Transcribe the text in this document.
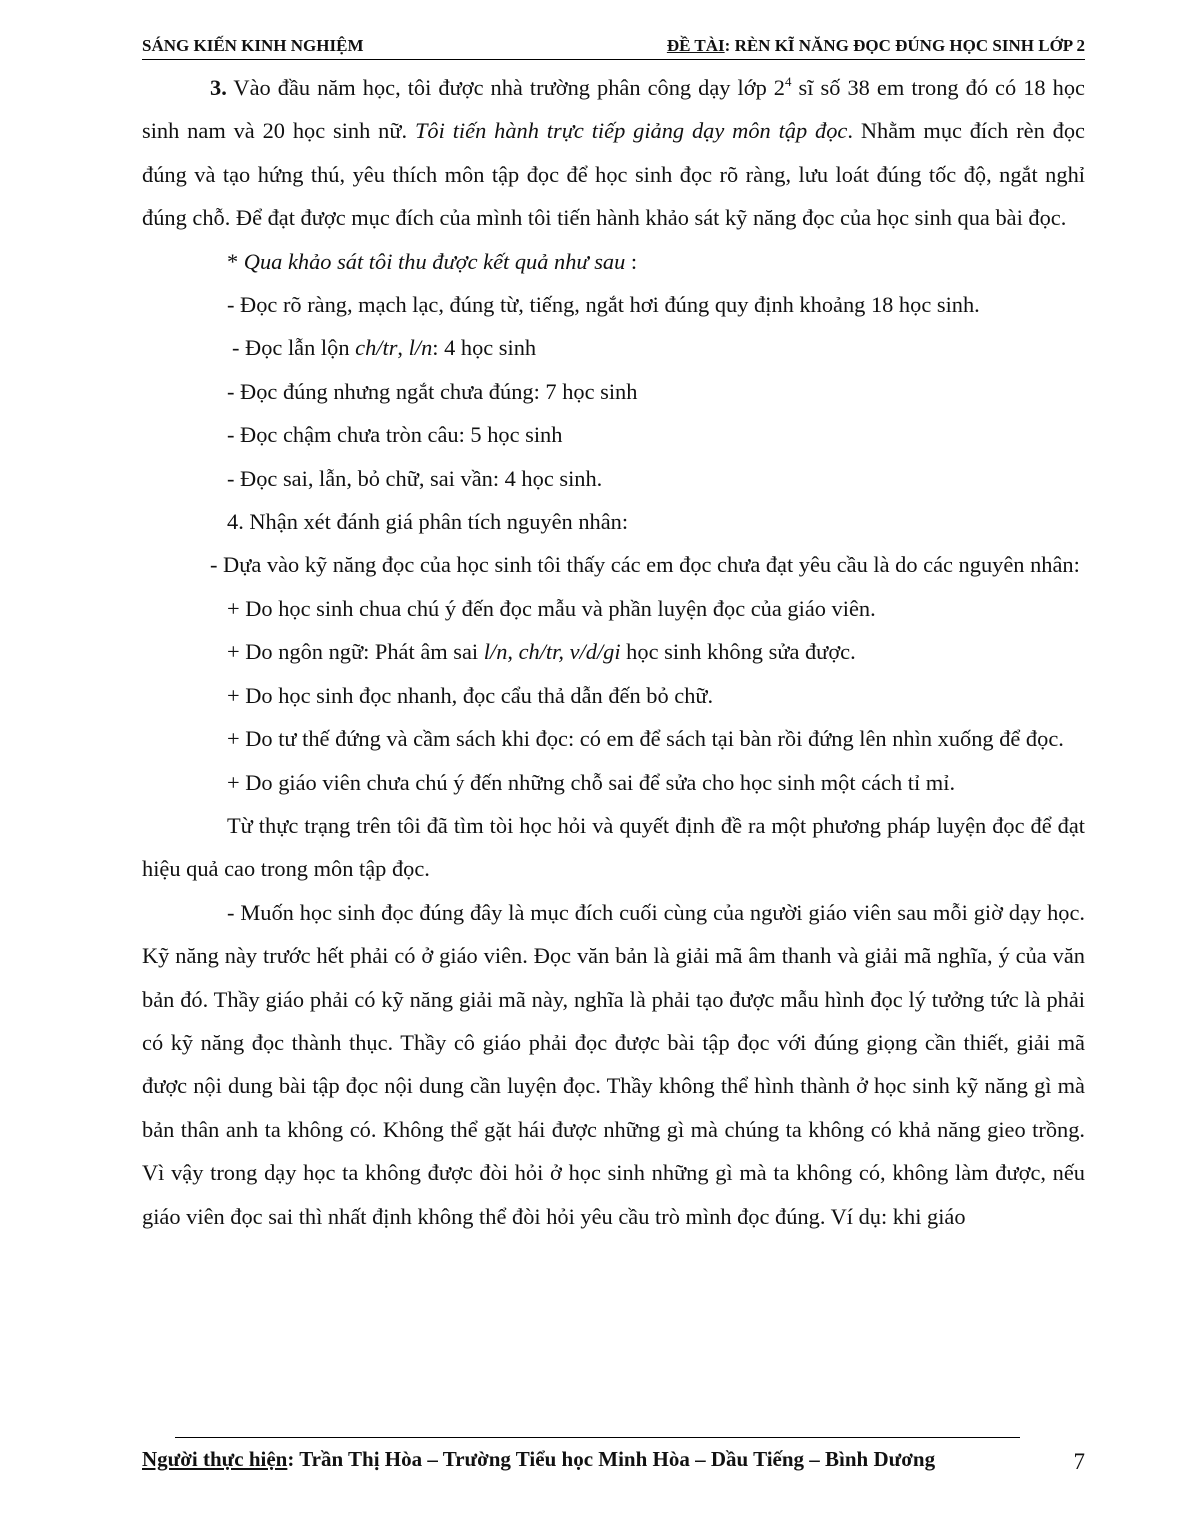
SÁNG KIẾN KINH NGHIỆM	ĐỀ TÀI: RÈN KĨ NĂNG ĐỌC ĐÚNG HỌC SINH LỚP 2

3. Vào đầu năm học, tôi được nhà trường phân công dạy lớp $2^4$ sĩ số 38 em trong đó có 18 học sinh nam và 20 học sinh nữ. Tôi tiến hành trực tiếp giảng dạy môn tập đọc. Nhằm mục đích rèn đọc đúng và tạo hứng thú, yêu thích môn tập đọc để học sinh đọc rõ ràng, lưu loát đúng tốc độ, ngắt nghỉ đúng chỗ. Để đạt được mục đích của mình tôi tiến hành khảo sát kỹ năng đọc của học sinh qua bài đọc.

* Qua khảo sát tôi thu được kết quả như sau :

- Đọc rõ ràng, mạch lạc, đúng từ, tiếng, ngắt hơi đúng quy định khoảng 18 học sinh.

- Đọc lẫn lộn ch/tr, l/n: 4 học sinh

- Đọc đúng nhưng ngắt chưa đúng: 7 học sinh

- Đọc chậm chưa tròn câu: 5 học sinh

- Đọc sai, lẫn, bỏ chữ, sai vần: 4 học sinh.

4. Nhận xét đánh giá phân tích nguyên nhân:

- Dựa vào kỹ năng đọc của học sinh tôi thấy các em đọc chưa đạt yêu cầu là do các nguyên nhân:

+ Do học sinh chua chú ý đến đọc mẫu và phần luyện đọc của giáo viên.

+ Do ngôn ngữ: Phát âm sai l/n, ch/tr, v/d/gi học sinh không sửa được.

+ Do học sinh đọc nhanh, đọc cẩu thả dẫn đến bỏ chữ.

+ Do tư thế đứng và cầm sách khi đọc: có em để sách tại bàn rồi đứng lên nhìn xuống để đọc.

+ Do giáo viên chưa chú ý đến những chỗ sai để sửa cho học sinh một cách tỉ mỉ.

Từ thực trạng trên tôi đã tìm tòi học hỏi và quyết định đề ra một phương pháp luyện đọc để đạt hiệu quả cao trong môn tập đọc.

- Muốn học sinh đọc đúng đây là mục đích cuối cùng của người giáo viên sau mỗi giờ dạy học. Kỹ năng này trước hết phải có ở giáo viên. Đọc văn bản là giải mã âm thanh và giải mã nghĩa, ý của văn bản đó. Thầy giáo phải có kỹ năng giải mã này, nghĩa là phải tạo được mẫu hình đọc lý tưởng tức là phải có kỹ năng đọc thành thục. Thầy cô giáo phải đọc được bài tập đọc với đúng giọng cần thiết, giải mã được nội dung bài tập đọc nội dung cần luyện đọc. Thầy không thể hình thành ở học sinh kỹ năng gì mà bản thân anh ta không có. Không thể gặt hái được những gì mà chúng ta không có khả năng gieo trồng. Vì vậy trong dạy học ta không được đòi hỏi ở học sinh những gì mà ta không có, không làm được, nếu giáo viên đọc sai thì nhất định không thể đòi hỏi yêu cầu trò mình đọc đúng. Ví dụ: khi giáo

Người thực hiện: Trần Thị Hòa – Trường Tiểu học Minh Hòa – Dầu Tiếng – Bình Dương	7
